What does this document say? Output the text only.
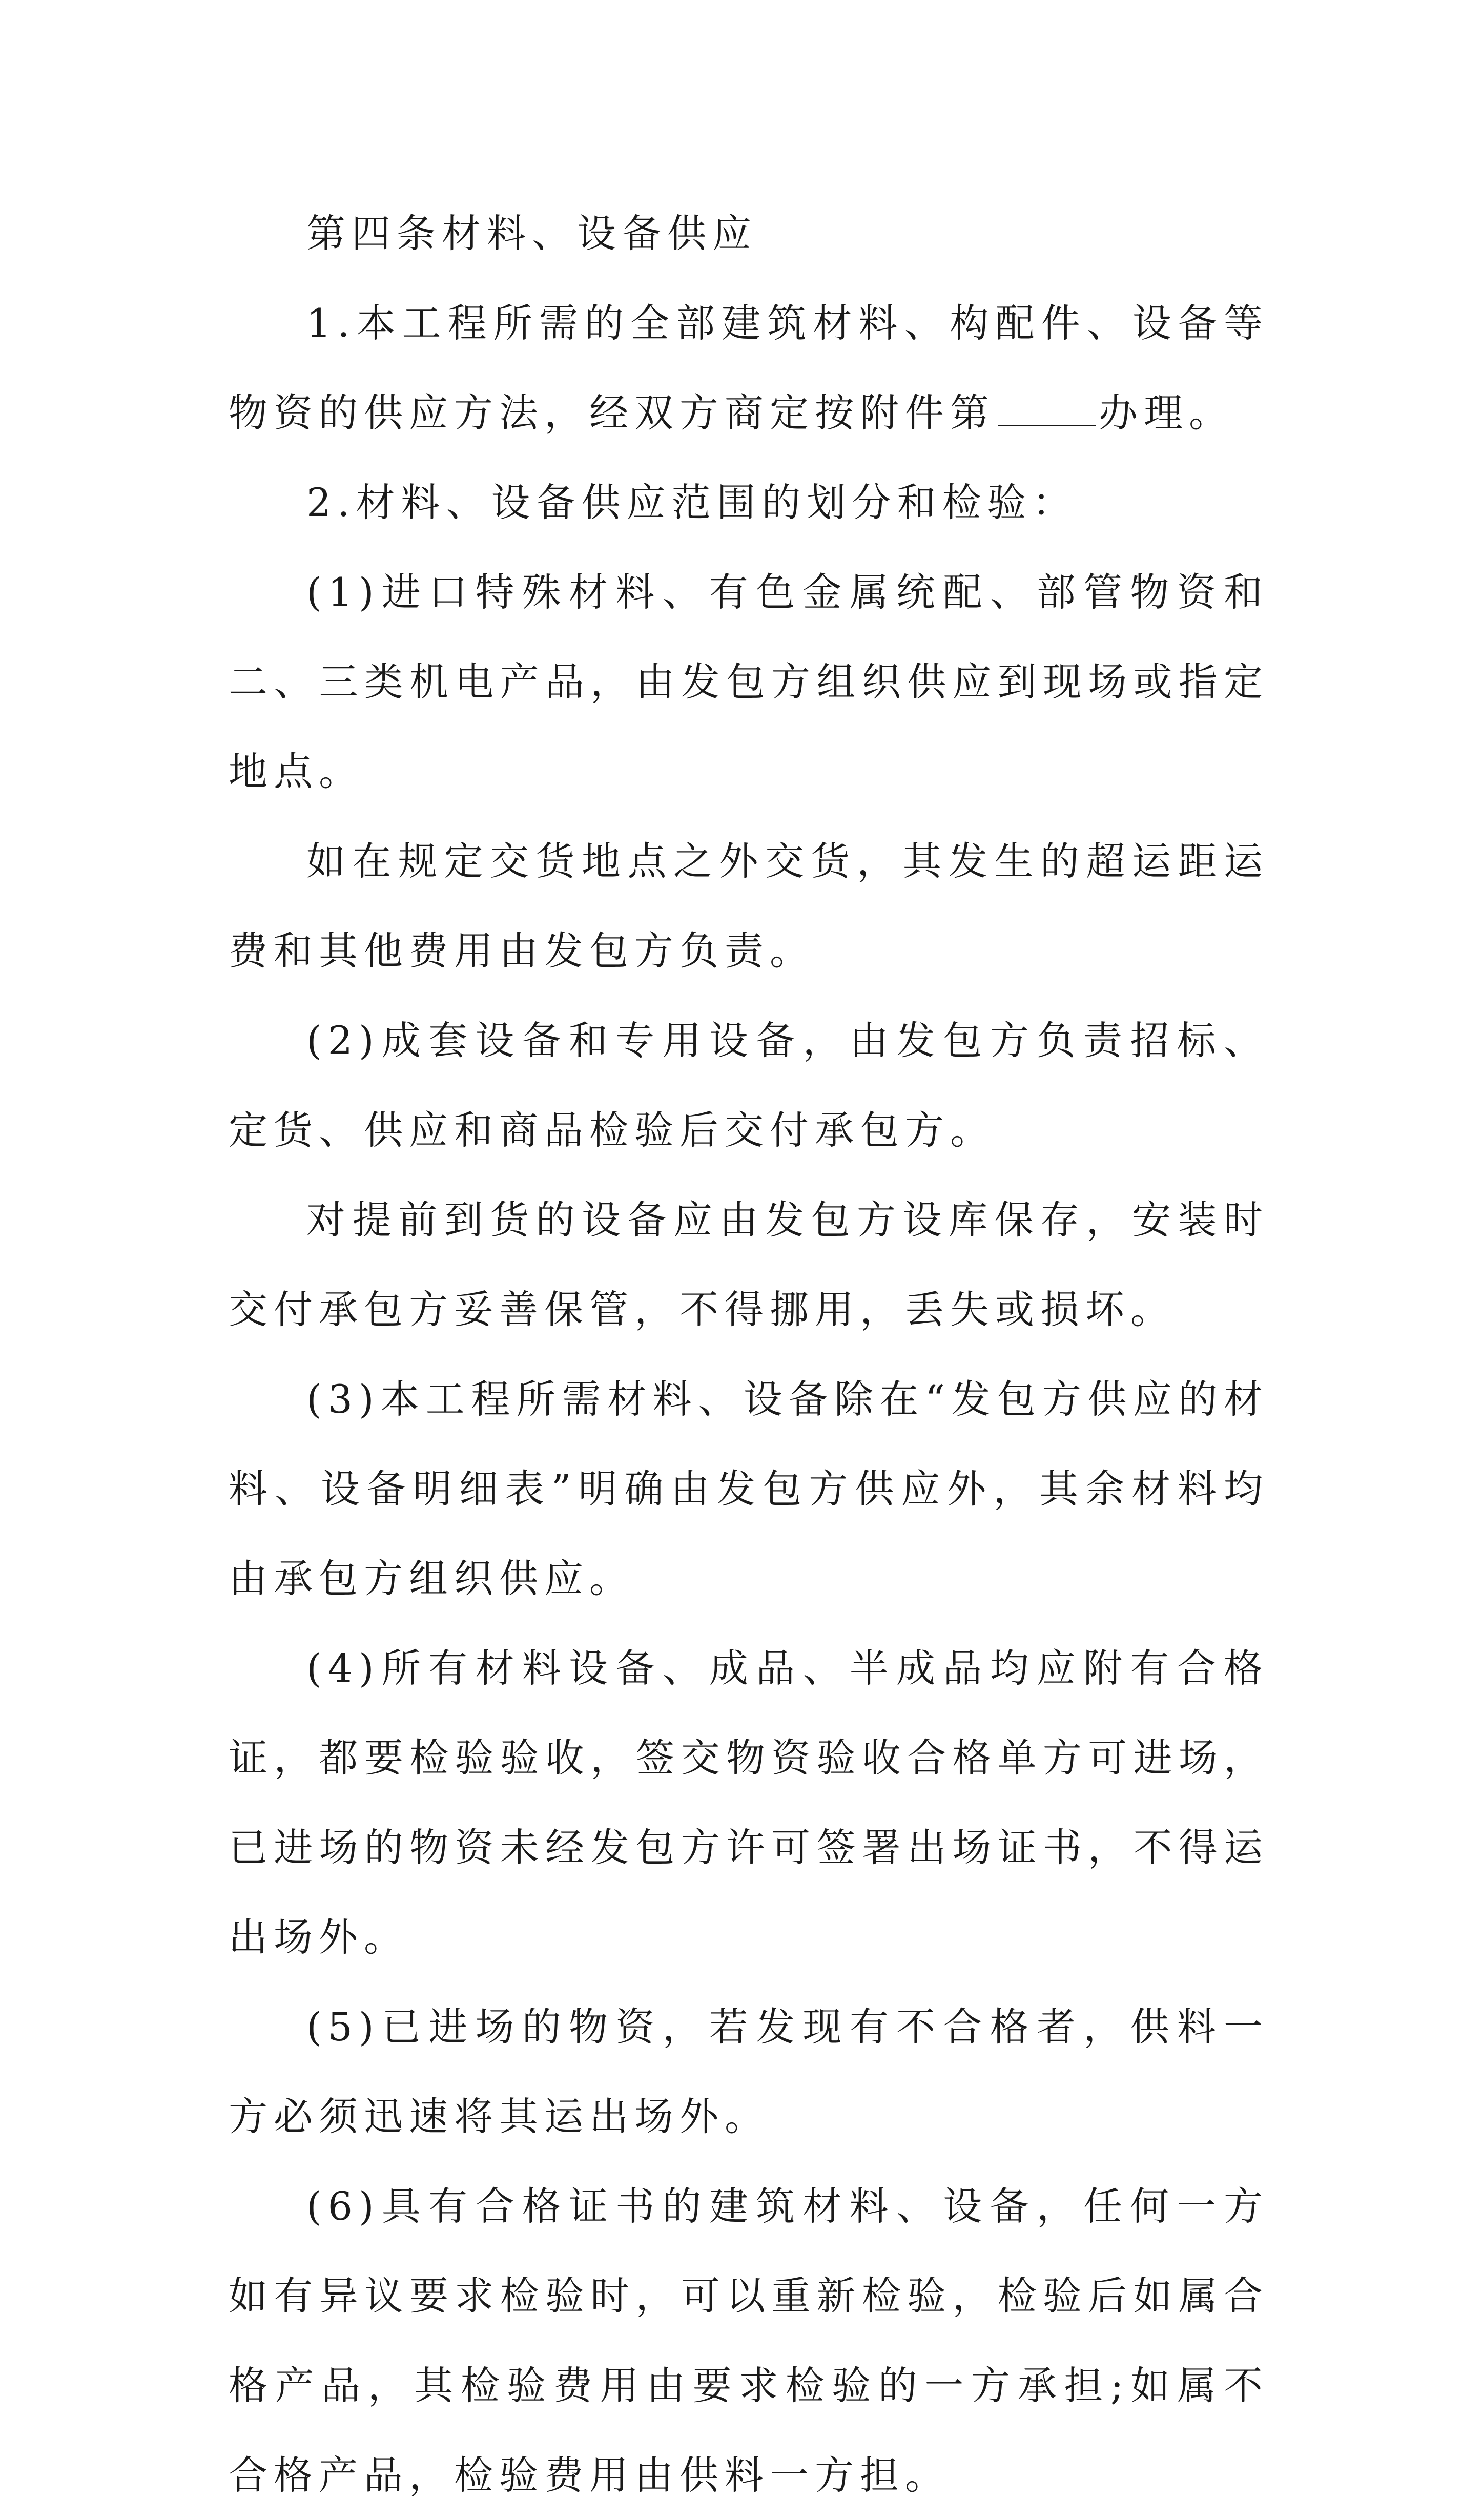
第四条材料、设备供应

1.本工程所需的全部建筑材料、构配件、设备等物资的供应方法，经双方商定按附件第	办理。

2.材料、设备供应范围的划分和检验：

(1)进口特殊材料、有色金属统配、部管物资和二、三类机电产品，由发包方组织供应到现场或指定地点。

如在规定交货地点之外交货，其发生的超运距运费和其他费用由发包方负责。

(2)成套设备和专用设备，由发包方负责招标、定货、供应和商品检验后交付承包方。

对提前到货的设备应由发包方设库保存，安装时交付承包方妥善保管，不得挪用，丢失或损坏。

(3)本工程所需材料、设备除在“发包方供应的材料、设备明细表”明确由发包方供应外，其余材料均由承包方组织供应。

(4)所有材料设备、成品、半成品均应附有合格证，都要检验验收，签交物资验收合格单方可进场，已进场的物资未经发包方许可签署出场证书，不得运出场外。

(5)已进场的物资，若发现有不合格者，供料一方必须迅速将其运出场外。

(6)具有合格证书的建筑材料、设备，任何一方如有异议要求检验时，可以重新检验，检验后如属合格产品，其检验费用由要求检验的一方承担;如属不合格产品，检验费用由供料一方担。
